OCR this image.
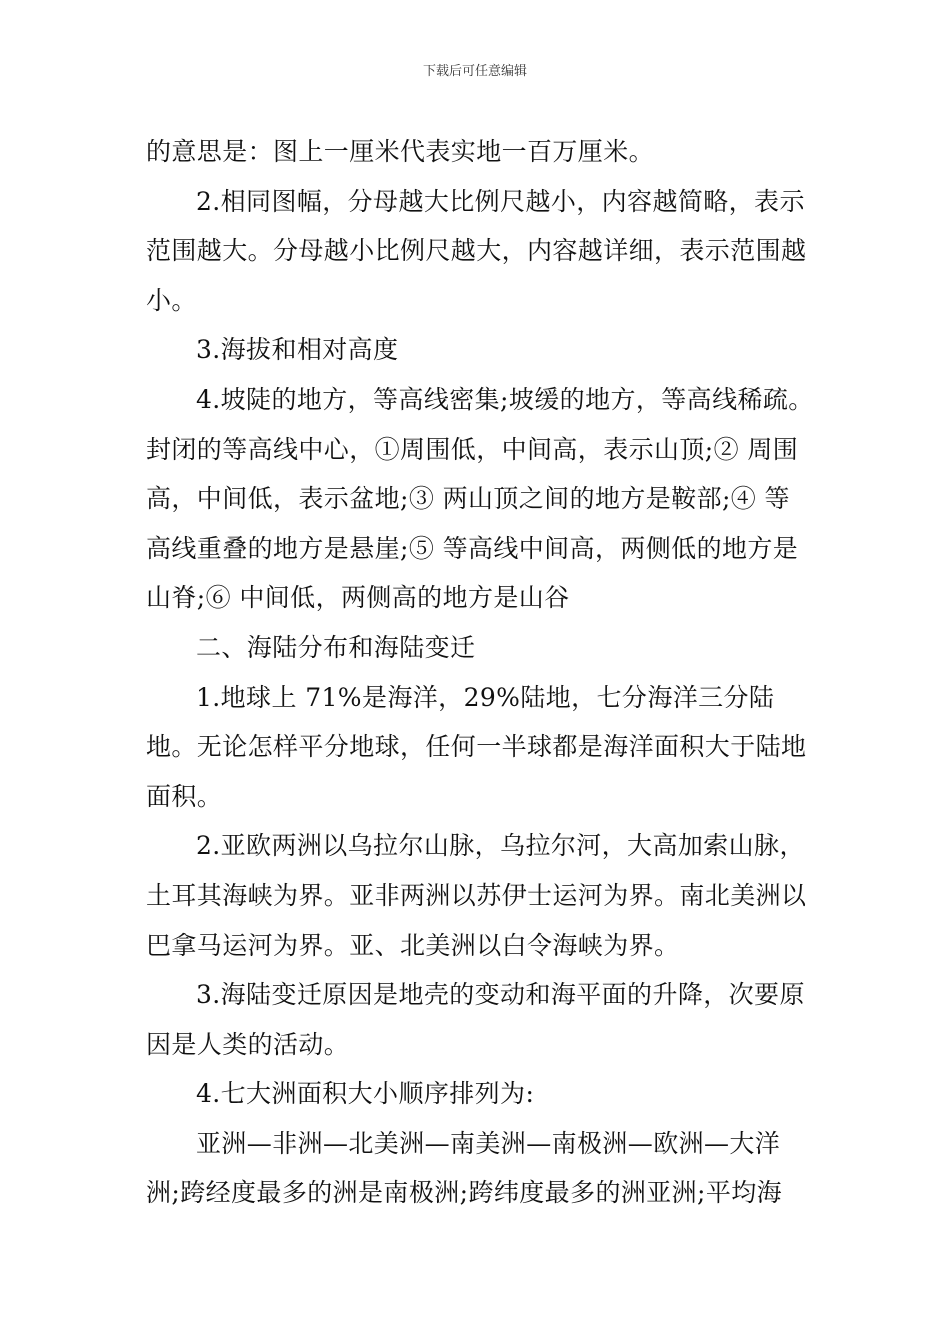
下载后可任意编辑

的意思是：图上一厘米代表实地一百万厘米。

2.相同图幅，分母越大比例尺越小，内容越简略，表示范围越大。分母越小比例尺越大，内容越详细，表示范围越小。

3.海拔和相对高度

4.坡陡的地方，等高线密集;坡缓的地方，等高线稀疏。封闭的等高线中心，①周围低，中间高，表示山顶;② 周围高，中间低，表示盆地;③ 两山顶之间的地方是鞍部;④ 等高线重叠的地方是悬崖;⑤ 等高线中间高，两侧低的地方是山脊;⑥ 中间低，两侧高的地方是山谷

二、海陆分布和海陆变迁

1.地球上 71%是海洋，29%陆地，七分海洋三分陆地。无论怎样平分地球，任何一半球都是海洋面积大于陆地面积。

2.亚欧两洲以乌拉尔山脉，乌拉尔河，大高加索山脉，土耳其海峡为界。亚非两洲以苏伊士运河为界。南北美洲以巴拿马运河为界。亚、北美洲以白令海峡为界。

3.海陆变迁原因是地壳的变动和海平面的升降，次要原因是人类的活动。

4.七大洲面积大小顺序排列为:

亚洲—非洲—北美洲—南美洲—南极洲—欧洲—大洋洲;跨经度最多的洲是南极洲;跨纬度最多的洲亚洲;平均海
